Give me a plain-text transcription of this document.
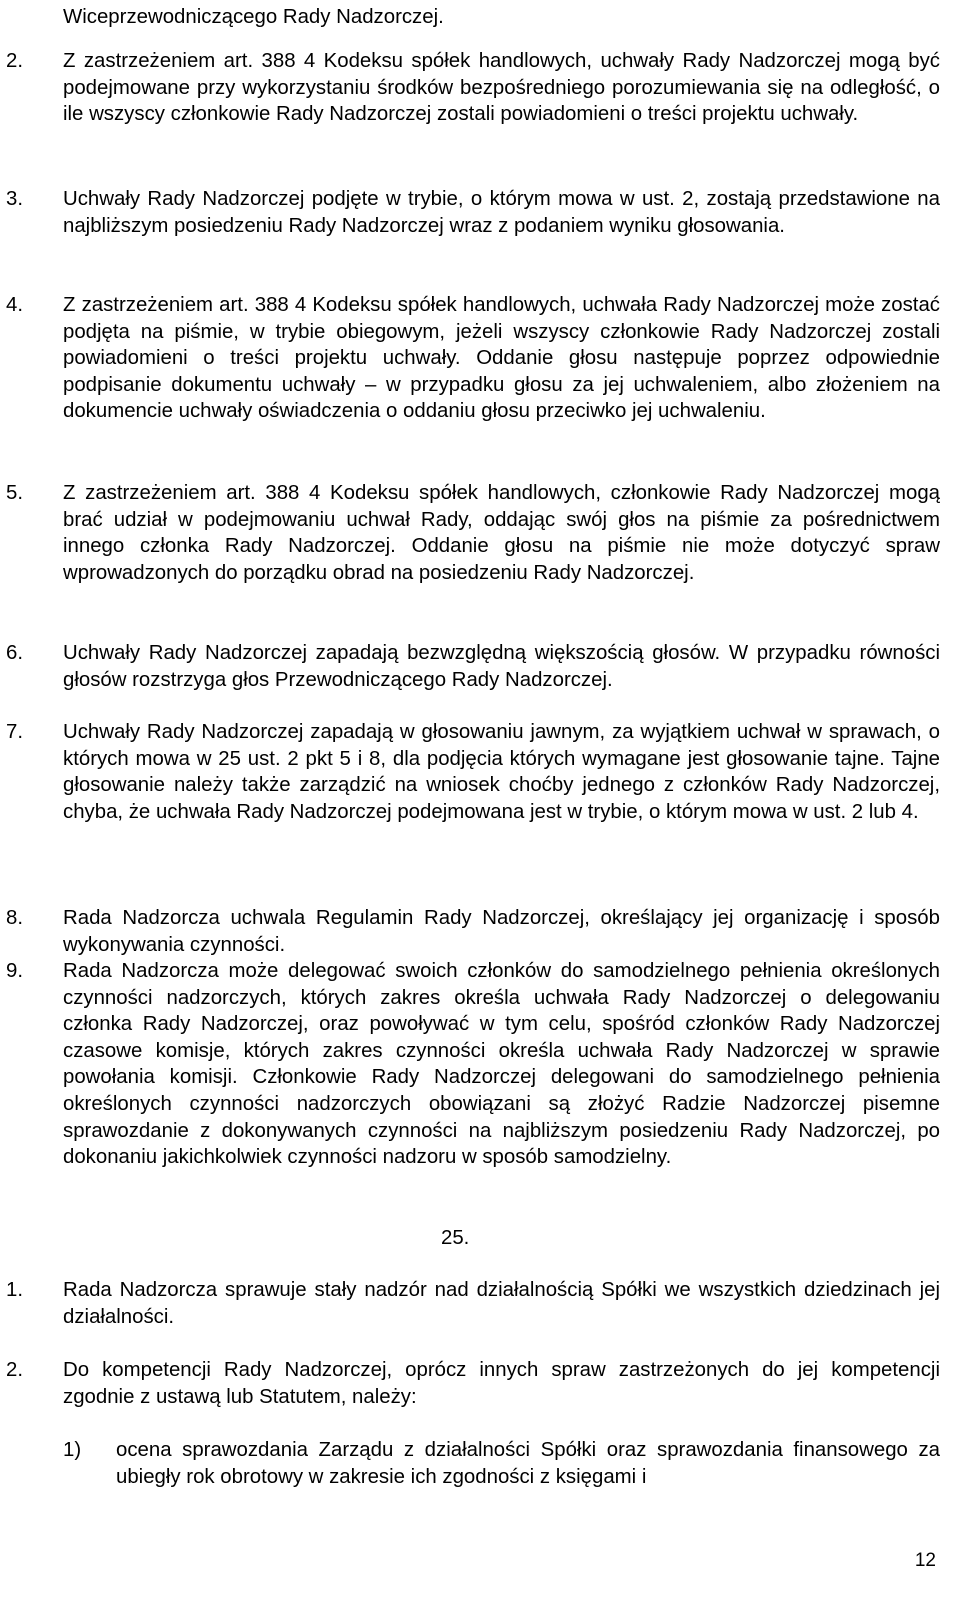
Wiceprzewodniczącego Rady Nadzorczej.
2. Z zastrzeżeniem art. 388 4 Kodeksu spółek handlowych, uchwały Rady Nadzorczej mogą być podejmowane przy wykorzystaniu środków bezpośredniego porozumiewania się na odległość, o ile wszyscy członkowie Rady Nadzorczej zostali powiadomieni o treści projektu uchwały.
3. Uchwały Rady Nadzorczej podjęte w trybie, o którym mowa w ust. 2, zostają przedstawione na najbliższym posiedzeniu Rady Nadzorczej wraz z podaniem wyniku głosowania.
4. Z zastrzeżeniem art. 388 4 Kodeksu spółek handlowych, uchwała Rady Nadzorczej może zostać podjęta na piśmie, w trybie obiegowym, jeżeli wszyscy członkowie Rady Nadzorczej zostali powiadomieni o treści projektu uchwały. Oddanie głosu następuje poprzez odpowiednie podpisanie dokumentu uchwały – w przypadku głosu za jej uchwaleniem, albo złożeniem na dokumencie uchwały oświadczenia o oddaniu głosu przeciwko jej uchwaleniu.
5. Z zastrzeżeniem art. 388 4 Kodeksu spółek handlowych, członkowie Rady Nadzorczej mogą brać udział w podejmowaniu uchwał Rady, oddając swój głos na piśmie za pośrednictwem innego członka Rady Nadzorczej. Oddanie głosu na piśmie nie może dotyczyć spraw wprowadzonych do porządku obrad na posiedzeniu Rady Nadzorczej.
6. Uchwały Rady Nadzorczej zapadają bezwzględną większością głosów. W przypadku równości głosów rozstrzyga głos Przewodniczącego Rady Nadzorczej.
7. Uchwały Rady Nadzorczej zapadają w głosowaniu jawnym, za wyjątkiem uchwał w sprawach, o których mowa w 25 ust. 2 pkt 5 i 8, dla podjęcia których wymagane jest głosowanie tajne. Tajne głosowanie należy także zarządzić na wniosek choćby jednego z członków Rady Nadzorczej, chyba, że uchwała Rady Nadzorczej podejmowana jest w trybie, o którym mowa w ust. 2 lub 4.
8. Rada Nadzorcza uchwala Regulamin Rady Nadzorczej, określający jej organizację i sposób wykonywania czynności.
9. Rada Nadzorcza może delegować swoich członków do samodzielnego pełnienia określonych czynności nadzorczych, których zakres określa uchwała Rady Nadzorczej o delegowaniu członka Rady Nadzorczej, oraz powoływać w tym celu, spośród członków Rady Nadzorczej czasowe komisje, których zakres czynności określa uchwała Rady Nadzorczej w sprawie powołania komisji. Członkowie Rady Nadzorczej delegowani do samodzielnego pełnienia określonych czynności nadzorczych obowiązani są złożyć Radzie Nadzorczej pisemne sprawozdanie z dokonywanych czynności na najbliższym posiedzeniu Rady Nadzorczej, po dokonaniu jakichkolwiek czynności nadzoru w sposób samodzielny.
25.
1. Rada Nadzorcza sprawuje stały nadzór nad działalnością Spółki we wszystkich dziedzinach jej działalności.
2. Do kompetencji Rady Nadzorczej, oprócz innych spraw zastrzeżonych do jej kompetencji zgodnie z ustawą lub Statutem, należy:
1) ocena sprawozdania Zarządu z działalności Spółki oraz sprawozdania finansowego za ubiegły rok obrotowy w zakresie ich zgodności z księgami i
12
